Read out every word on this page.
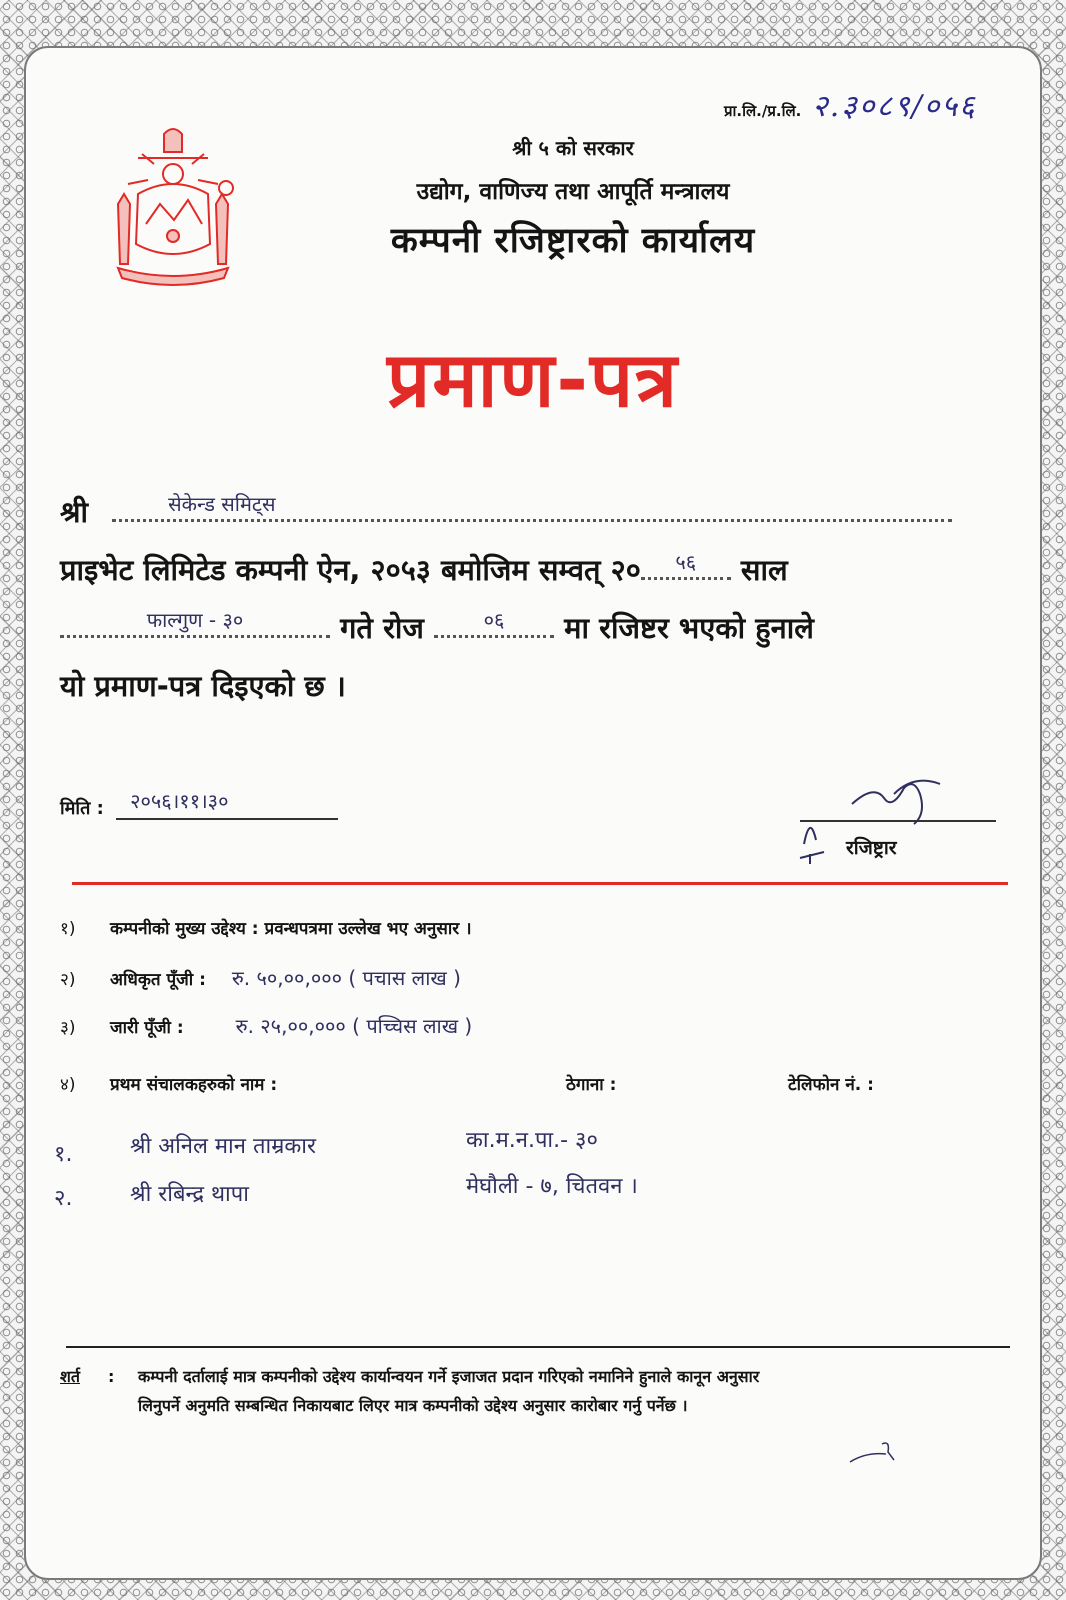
प्रा.लि./प्र.लि. २.३०८९/०५६
श्री ५ को सरकार
उद्योग, वाणिज्य तथा आपूर्ति मन्त्रालय
कम्पनी रजिष्ट्रारको कार्यालय
प्रमाण-पत्र
श्री	सेकेन्ड समिट्स
प्राइभेट लिमिटेड कम्पनी ऐन, २०५३ बमोजिम सम्वत् २०	५६	साल
फाल्गुण - ३०	गते रोज	०६	मा रजिष्टर भएको हुनाले
यो प्रमाण-पत्र दिइएको छ ।
मिति : २०५६।११।३०
रजिष्ट्रार
१) कम्पनीको मुख्य उद्देश्य : प्रवन्धपत्रमा उल्लेख भए अनुसार ।
२) अधिकृत पूँजी : रु. ५०,००,००० ( पचास लाख )
३) जारी पूँजी :	रु. २५,००,००० ( पच्चिस लाख )
४) प्रथम संचालकहरुको नाम :	ठेगाना :	टेलिफोन नं. :
१.	श्री अनिल मान ताम्रकार	का.म.न.पा.- ३०
२.	श्री रबिन्द्र थापा	मेघौली - ७, चितवन ।
शर्त : कम्पनी दर्तालाई मात्र कम्पनीको उद्देश्य कार्यान्वयन गर्ने इजाजत प्रदान गरिएको नमानिने हुनाले कानून अनुसार
लिनुपर्ने अनुमति सम्बन्धित निकायबाट लिएर मात्र कम्पनीको उद्देश्य अनुसार कारोबार गर्नु पर्नेछ ।
